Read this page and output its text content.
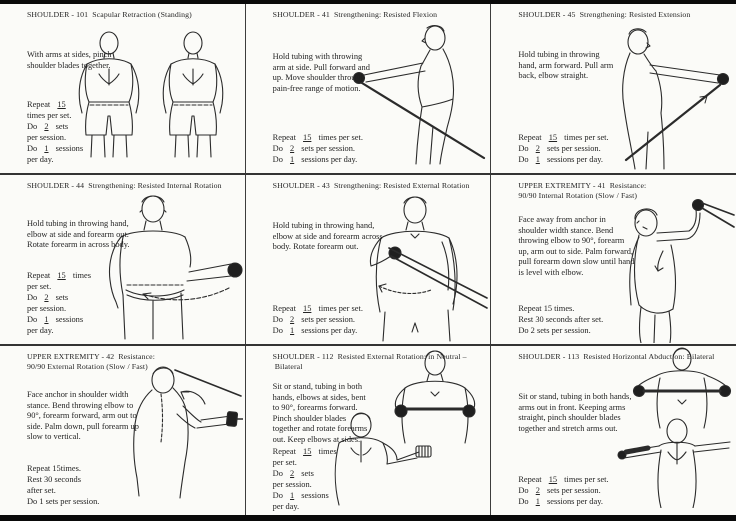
SHOULDER - 101  Scapular Retraction (Standing)

With arms at sides, pinch shoulder blades together.

Repeat 15
times per set.
Do 2 sets
per session.
Do 1 sessions
per day.
SHOULDER - 41  Strengthening: Resisted Flexion

Hold tubing with throwing arm at side. Pull forward and up. Move shoulder through pain-free range of motion.

Repeat 15 times per set.
Do 2 sets per session.
Do 1 sessions per day.
SHOULDER - 45  Strengthening: Resisted Extension

Hold tubing in throwing hand, arm forward. Pull arm back, elbow straight.

Repeat 15 times per set.
Do 2 sets per session.
Do 1 sessions per day.
SHOULDER - 44  Strengthening: Resisted Internal Rotation

Hold tubing in throwing hand, elbow at side and forearm out. Rotate forearm in across body.

Repeat 15 times
per set.
Do 2 sets
per session.
Do 1 sessions
per day.
SHOULDER - 43  Strengthening: Resisted External Rotation

Hold tubing in throwing hand, elbow at side and forearm across body. Rotate forearm out.

Repeat 15 times per set.
Do 2 sets per session.
Do 1 sessions per day.
UPPER EXTREMITY - 41  Resistance: 90/90 Internal Rotation (Slow / Fast)

Face away from anchor in shoulder width stance. Bend throwing elbow to 90°, forearm up, arm out to side. Palm forward, pull forearm down slow until hand is level with elbow.

Repeat 15 times.
Rest 30 seconds after set.
Do 2 sets per session.
UPPER EXTREMITY - 42  Resistance: 90/90 External Rotation (Slow / Fast)

Face anchor in shoulder width stance. Bend throwing elbow to 90°, forearm forward, arm out to side. Palm down, pull forearm up slow to vertical.

Repeat 15times.
Rest 30 seconds
after set.
Do 1 sets per session.
SHOULDER - 112  Resisted External Rotation: in Neutral – Bilateral

Sit or stand, tubing in both hands, elbows at sides, bent to 90°, forearms forward. Pinch shoulder blades together and rotate forearms out. Keep elbows at sides.

Repeat 15 times
per set.
Do 2 sets
per session.
Do 1 sessions
per day.
SHOULDER - 113  Resisted Horizontal Abduction: Bilateral

Sit or stand, tubing in both hands, arms out in front. Keeping arms straight, pinch shoulder blades together and stretch arms out.

Repeat 15 times per set.
Do 2 sets per session.
Do 1 sessions per day.
